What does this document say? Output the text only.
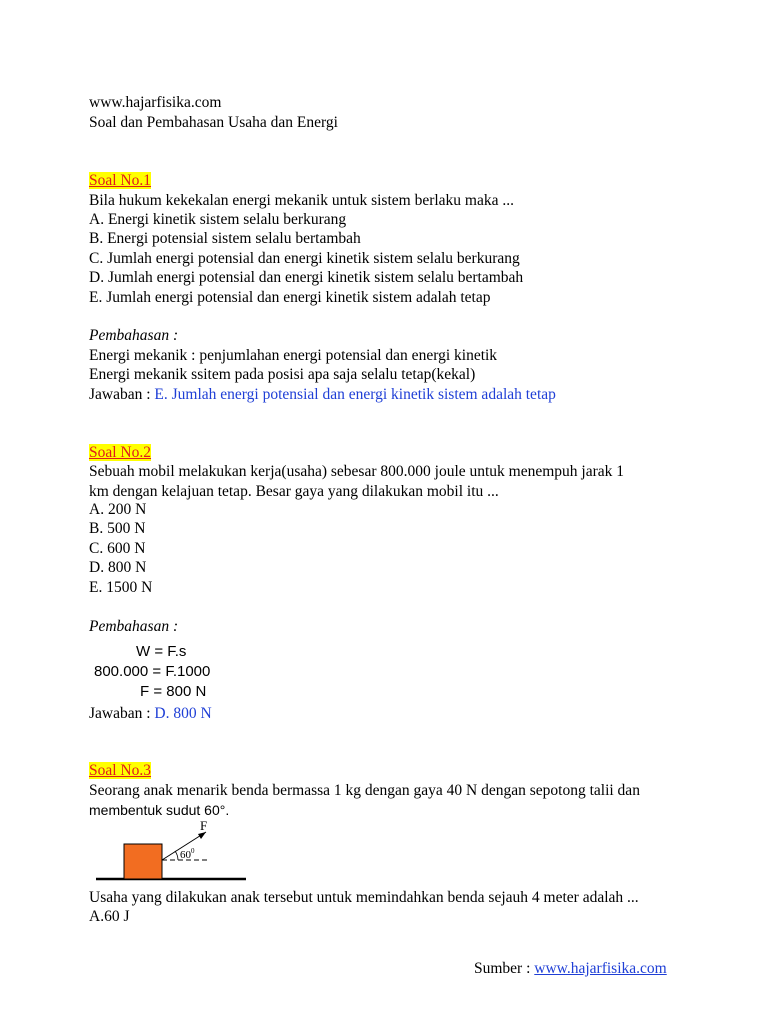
www.hajarfisika.com
Soal dan Pembahasan Usaha dan Energi
Soal No.1
Bila hukum kekekalan energi mekanik untuk sistem berlaku maka ...
A. Energi kinetik sistem selalu berkurang
B. Energi potensial sistem selalu bertambah
C. Jumlah energi potensial dan energi kinetik sistem selalu berkurang
D. Jumlah energi potensial dan energi kinetik sistem selalu bertambah
E. Jumlah energi potensial dan energi kinetik sistem adalah tetap
Pembahasan :
Energi mekanik : penjumlahan energi potensial dan energi kinetik
Energi mekanik ssitem pada posisi apa saja selalu tetap(kekal)
Jawaban : E. Jumlah energi potensial dan energi kinetik sistem adalah tetap
Soal No.2
Sebuah mobil melakukan kerja(usaha) sebesar 800.000 joule untuk menempuh jarak 1
km dengan kelajuan tetap. Besar gaya yang dilakukan mobil itu ...
A. 200 N
B. 500 N
C. 600 N
D. 800 N
E. 1500 N
Pembahasan :
W = F.s
800.000 = F.1000
F = 800 N
Jawaban : D. 800 N
Soal No.3
Seorang anak menarik benda bermassa 1 kg dengan gaya 40 N dengan sepotong talii dan
membentuk sudut 60°.
F
$60^0$
Usaha yang dilakukan anak tersebut untuk memindahkan benda sejauh 4 meter adalah ...
A.60 J
Sumber : www.hajarfisika.com
